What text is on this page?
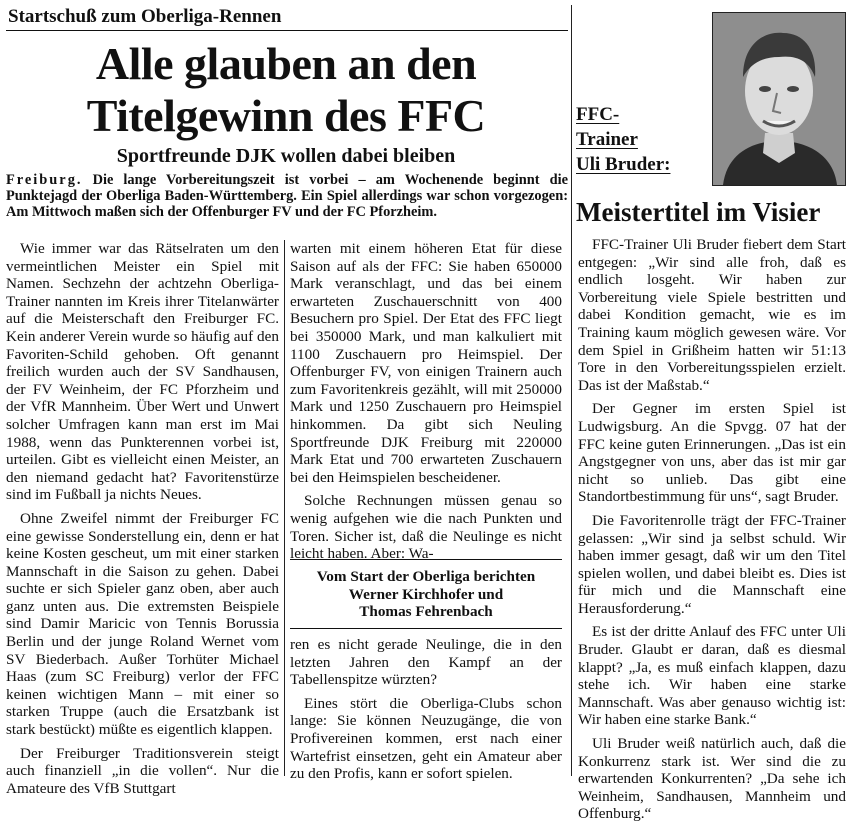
Startschuß zum Oberliga-Rennen
Alle glauben an den
Titelgewinn des FFC
Sportfreunde DJK wollen dabei bleiben
Freiburg. Die lange Vorbereitungszeit ist vorbei – am Wochenende beginnt die Punktejagd der Oberliga Baden-Württemberg. Ein Spiel allerdings war schon vorgezogen: Am Mittwoch maßen sich der Offenburger FV und der FC Pforzheim.

Wie immer war das Rätselraten um den vermeintlichen Meister ein Spiel mit Namen. Sechzehn der achtzehn Oberliga-Trainer nannten im Kreis ihrer Titelanwärter auf die Meisterschaft den Freiburger FC. Kein anderer Verein wurde so häufig auf den Favoriten-Schild gehoben. Oft genannt freilich wurden auch der SV Sandhausen, der FV Weinheim, der FC Pforzheim und der VfR Mannheim. Über Wert und Unwert solcher Umfragen kann man erst im Mai 1988, wenn das Punkterennen vorbei ist, urteilen. Gibt es vielleicht einen Meister, an den niemand gedacht hat? Favoritenstürze sind im Fußball ja nichts Neues.

Ohne Zweifel nimmt der Freiburger FC eine gewisse Sonderstellung ein, denn er hat keine Kosten gescheut, um mit einer starken Mannschaft in die Saison zu gehen. Dabei suchte er sich Spieler ganz oben, aber auch ganz unten aus. Die extremsten Beispiele sind Damir Maricic von Tennis Borussia Berlin und der junge Roland Wernet vom SV Biederbach. Außer Torhüter Michael Haas (zum SC Freiburg) verlor der FFC keinen wichtigen Mann – mit einer so starken Truppe (auch die Ersatzbank ist stark bestückt) müßte es eigentlich klappen.

Der Freiburger Traditionsverein steigt auch finanziell „in die vollen“. Nur die Amateure des VfB Stuttgart

warten mit einem höheren Etat für diese Saison auf als der FFC: Sie haben 650000 Mark veranschlagt, und das bei einem erwarteten Zuschauerschnitt von 400 Besuchern pro Spiel. Der Etat des FFC liegt bei 350000 Mark, und man kalkuliert mit 1100 Zuschauern pro Heimspiel. Der Offenburger FV, von einigen Trainern auch zum Favoritenkreis gezählt, will mit 250000 Mark und 1250 Zuschauern pro Heimspiel hinkommen. Da gibt sich Neuling Sportfreunde DJK Freiburg mit 220000 Mark Etat und 700 erwarteten Zuschauern bei den Heimspielen bescheidener.

Solche Rechnungen müssen genau so wenig aufgehen wie die nach Punkten und Toren. Sicher ist, daß die Neulinge es nicht leicht haben. Aber: Wa-

Vom Start der Oberliga berichten
Werner Kirchhofer und
Thomas Fehrenbach

ren es nicht gerade Neulinge, die in den letzten Jahren den Kampf an der Tabellenspitze würzten?

Eines stört die Oberliga-Clubs schon lange: Sie können Neuzugänge, die von Profivereinen kommen, erst nach einer Wartefrist einsetzen, geht ein Amateur aber zu den Profis, kann er sofort spielen.

FFC-
Trainer
Uli Bruder:
Meistertitel im Visier

FFC-Trainer Uli Bruder fiebert dem Start entgegen: „Wir sind alle froh, daß es endlich losgeht. Wir haben zur Vorbereitung viele Spiele bestritten und dabei Kondition gemacht, wie es im Training kaum möglich gewesen wäre. Vor dem Spiel in Grißheim hatten wir 51:13 Tore in den Vorbereitungsspielen erzielt. Das ist der Maßstab.“

Der Gegner im ersten Spiel ist Ludwigsburg. An die Spvgg. 07 hat der FFC keine guten Erinnerungen. „Das ist ein Angstgegner von uns, aber das ist mir gar nicht so unlieb. Das gibt eine Standortbestimmung für uns“, sagt Bruder.

Die Favoritenrolle trägt der FFC-Trainer gelassen: „Wir sind ja selbst schuld. Wir haben immer gesagt, daß wir um den Titel spielen wollen, und dabei bleibt es. Dies ist für mich und die Mannschaft eine Herausforderung.“

Es ist der dritte Anlauf des FFC unter Uli Bruder. Glaubt er daran, daß es diesmal klappt? „Ja, es muß einfach klappen, dazu stehe ich. Wir haben eine starke Mannschaft. Was aber genauso wichtig ist: Wir haben eine starke Bank.“

Uli Bruder weiß natürlich auch, daß die Konkurrenz stark ist. Wer sind die zu erwartenden Konkurrenten? „Da sehe ich Weinheim, Sandhausen, Mannheim und Offenburg.“
